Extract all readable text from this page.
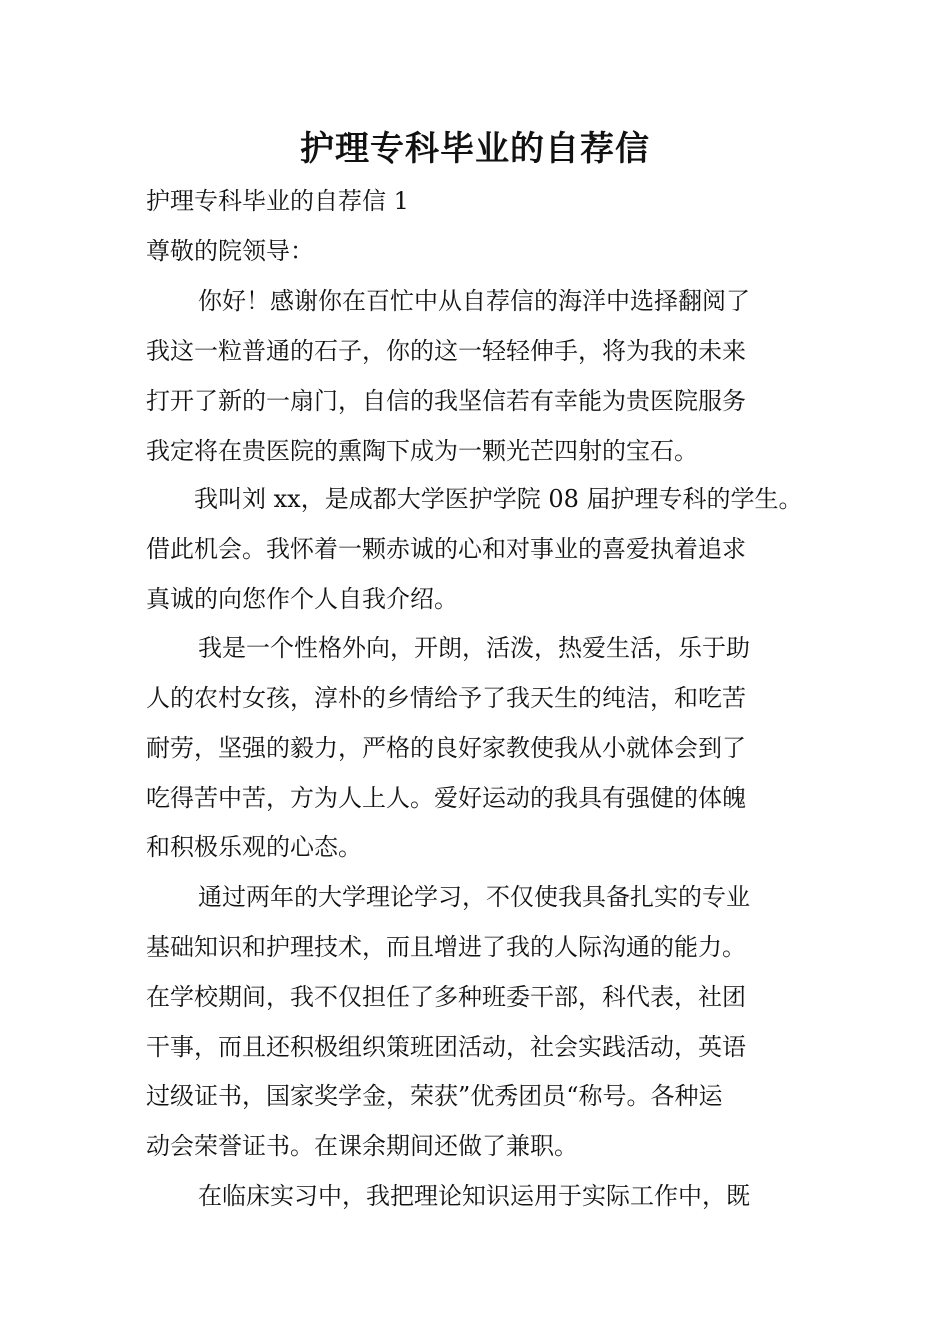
护理专科毕业的自荐信

护理专科毕业的自荐信 1

尊敬的院领导：

你好！感谢你在百忙中从自荐信的海洋中选择翻阅了

我这一粒普通的石子，你的这一轻轻伸手，将为我的未来

打开了新的一扇门，自信的我坚信若有幸能为贵医院服务

我定将在贵医院的熏陶下成为一颗光芒四射的宝石。

我叫刘 xx，是成都大学医护学院 08 届护理专科的学生。

借此机会。我怀着一颗赤诚的心和对事业的喜爱执着追求

真诚的向您作个人自我介绍。

我是一个性格外向，开朗，活泼，热爱生活，乐于助

人的农村女孩，淳朴的乡情给予了我天生的纯洁，和吃苦

耐劳，坚强的毅力，严格的良好家教使我从小就体会到了

吃得苦中苦，方为人上人。爱好运动的我具有强健的体魄

和积极乐观的心态。

通过两年的大学理论学习，不仅使我具备扎实的专业

基础知识和护理技术，而且增进了我的人际沟通的能力。

在学校期间，我不仅担任了多种班委干部，科代表，社团

干事，而且还积极组织策班团活动，社会实践活动，英语

过级证书，国家奖学金，荣获”优秀团员“称号。各种运

动会荣誉证书。在课余期间还做了兼职。

在临床实习中，我把理论知识运用于实际工作中，既
